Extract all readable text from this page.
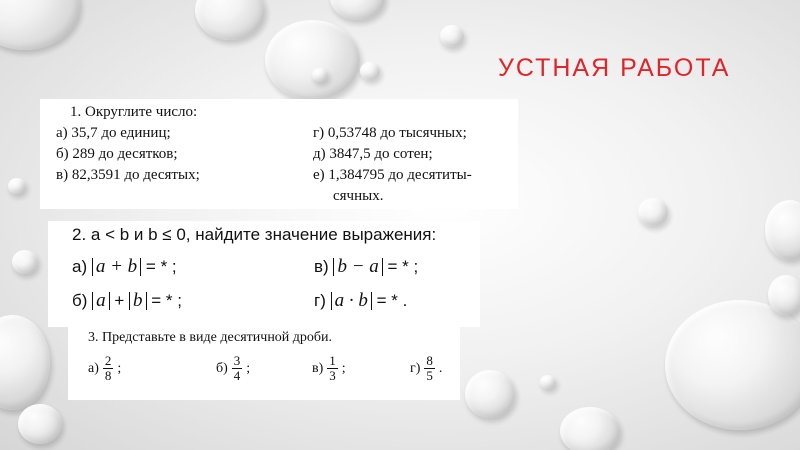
УСТНАЯ РАБОТА
1. Округлите число:
а) 35,7 до единиц;
б) 289 до десятков;
в) 82,3591 до десятых;
г) 0,53748 до тысячных;
д) 3847,5 до сотен;
е) 1,384795 до десятиты-
сячных.
2. a < b и b ≤ 0, найдите значение выражения:
а) a + b = * ;
б) a + b = * ;
в) b − a = * ;
г) a · b = * .
3. Представьте в виде десятичной дроби.
$а) \frac{2}{8}$ ;	$б) \frac{3}{4}$ ;	$в) \frac{1}{3}$ ;	$г) \frac{8}{5}$ .
